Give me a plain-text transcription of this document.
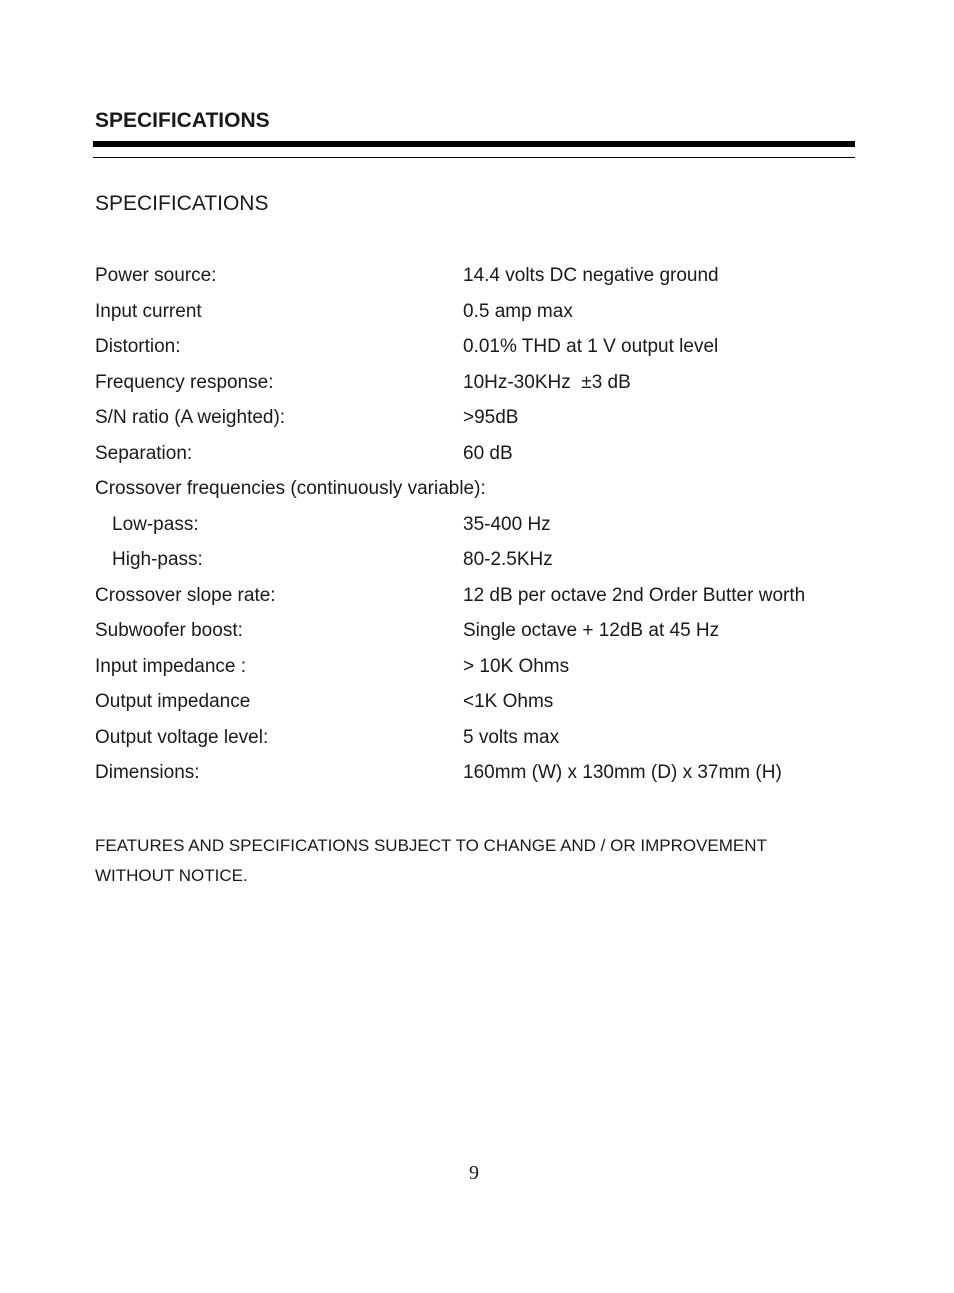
SPECIFICATIONS
SPECIFICATIONS
Power source:	14.4 volts DC negative ground
Input current	0.5 amp max
Distortion:	0.01% THD at 1 V output level
Frequency response:	10Hz-30KHz  ±3 dB
S/N ratio (A weighted):	>95dB
Separation:	60 dB
Crossover frequencies (continuously variable):
Low-pass:	35-400 Hz
High-pass:	80-2.5KHz
Crossover slope rate:	12 dB per octave 2nd Order Butter worth
Subwoofer boost:	Single octave + 12dB at 45 Hz
Input impedance :	> 10K Ohms
Output impedance	<1K Ohms
Output voltage level:	5 volts max
Dimensions:	160mm (W) x 130mm (D) x 37mm (H)

FEATURES AND SPECIFICATIONS SUBJECT TO CHANGE AND / OR IMPROVEMENT
WITHOUT NOTICE.

9
